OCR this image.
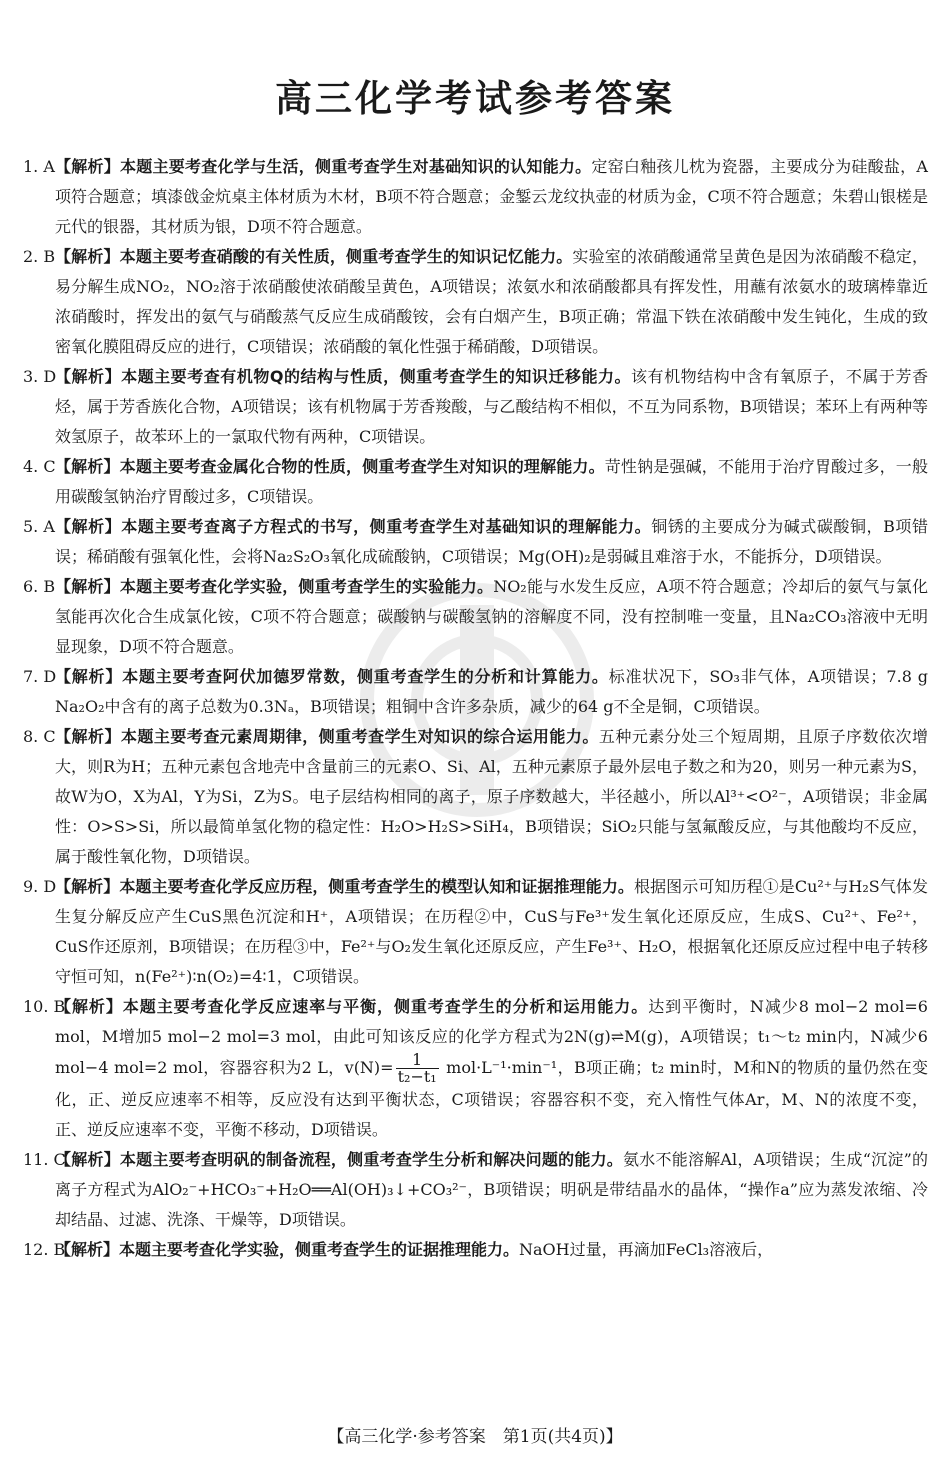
高三化学考试参考答案
1. A 【解析】本题主要考查化学与生活，侧重考查学生对基础知识的认知能力。定窑白釉孩儿枕为瓷器，主要成分为硅酸盐，A项符合题意；填漆戗金炕桌主体材质为木材，B项不符合题意；金錾云龙纹执壶的材质为金，C项不符合题意；朱碧山银槎是元代的银器，其材质为银，D项不符合题意。
2. B 【解析】本题主要考查硝酸的有关性质，侧重考查学生的知识记忆能力。实验室的浓硝酸通常呈黄色是因为浓硝酸不稳定，易分解生成NO₂，NO₂溶于浓硝酸使浓硝酸呈黄色，A项错误；浓氨水和浓硝酸都具有挥发性，用蘸有浓氨水的玻璃棒靠近浓硝酸时，挥发出的氨气与硝酸蒸气反应生成硝酸铵，会有白烟产生，B项正确；常温下铁在浓硝酸中发生钝化，生成的致密氧化膜阻碍反应的进行，C项错误；浓硝酸的氧化性强于稀硝酸，D项错误。
3. D
【解析】本题主要考查有机物Q的结构与性质，侧重考查学生的知识迁移能力。该有机物结构中含有氧原子，不属于芳香烃，属于芳香族化合物，A项错误；该有机物属于芳香羧酸，与乙酸结构不相似，不互为同系物，B项错误；苯环上有两种等效氢原子，故苯环上的一氯取代物有两种，C项错误。
4. C 【解析】本题主要考查金属化合物的性质，侧重考查学生对知识的理解能力。苛性钠是强碱，不能用于治疗胃酸过多，一般用碳酸氢钠治疗胃酸过多，C项错误。
5. A 【解析】本题主要考查离子方程式的书写，侧重考查学生对基础知识的理解能力。铜锈的主要成分为碱式碳酸铜，B项错误；稀硝酸有强氧化性，会将Na₂S₂O₃氧化成硫酸钠，C项错误；Mg(OH)₂是弱碱且难溶于水，不能拆分，D项错误。
6. B 【解析】本题主要考查化学实验，侧重考查学生的实验能力。NO₂能与水发生反应，A项不符合题意；冷却后的氨气与氯化氢能再次化合生成氯化铵，C项不符合题意；碳酸钠与碳酸氢钠的溶解度不同，没有控制唯一变量，且Na₂CO₃溶液中无明显现象，D项不符合题意。
7. D
【解析】本题主要考查阿伏加德罗常数，侧重考查学生的分析和计算能力。标准状况下，SO₃非气体，A项错误；7.8 g Na₂O₂中含有的离子总数为0.3Nₐ，B项错误；粗铜中含许多杂质，减少的64 g不全是铜，C项错误。
8. C 【解析】本题主要考查元素周期律，侧重考查学生对知识的综合运用能力。五种元素分处三个短周期，且原子序数依次增大，则R为H；五种元素包含地壳中含量前三的元素O、Si、Al，五种元素原子最外层电子数之和为20，则另一种元素为S，故W为O，X为Al，Y为Si，Z为S。电子层结构相同的离子，原子序数越大，半径越小，所以Al³⁺<O²⁻，A项错误；非金属性：O>S>Si，所以最简单氢化物的稳定性：H₂O>H₂S>SiH₄，B项错误；SiO₂只能与氢氟酸反应，与其他酸均不反应，属于酸性氧化物，D项错误。
9. D
【解析】本题主要考查化学反应历程，侧重考查学生的模型认知和证据推理能力。根据图示可知历程①是Cu²⁺与H₂S气体发生复分解反应产生CuS黑色沉淀和H⁺，A项错误；在历程②中，CuS与Fe³⁺发生氧化还原反应，生成S、Cu²⁺、Fe²⁺，CuS作还原剂，B项错误；在历程③中，Fe²⁺与O₂发生氧化还原反应，产生Fe³⁺、H₂O，根据氧化还原反应过程中电子转移守恒可知，n(Fe²⁺)∶n(O₂)=4∶1，C项错误。
10. B
【解析】本题主要考查化学反应速率与平衡，侧重考查学生的分析和运用能力。达到平衡时，N减少8 mol−2 mol=6 mol，M增加5 mol−2 mol=3 mol，由此可知该反应的化学方程式为2N(g)⇌M(g)，A项错误；t₁～t₂ min内，N减少6 mol−4 mol=2 mol，容器容积为2 L，$v(N)= \frac{1}{\text{t₂−t₁}} mol\cdot L^{-1}\cdot\min^{-1}$，B项正确；t₂ min时，M和N的物质的量仍然在变化，正、逆反应速率不相等，反应没有达到平衡状态，C项错误；容器容积不变，充入惰性气体Ar，M、N的浓度不变，正、逆反应速率不变，平衡不移动，D项错误。
11. C
【解析】本题主要考查明矾的制备流程，侧重考查学生分析和解决问题的能力。氨水不能溶解Al，A项错误；生成“沉淀”的离子方程式为AlO₂⁻+HCO₃⁻+H₂O══Al(OH)₃↓+CO₃²⁻，B项错误；明矾是带结晶水的晶体，“操作a”应为蒸发浓缩、冷却结晶、过滤、洗涤、干燥等，D项错误。
12. B
【解析】本题主要考查化学实验，侧重考查学生的证据推理能力。NaOH过量，再滴加FeCl₃溶液后，
【高三化学·参考答案　第1页(共4页)】
